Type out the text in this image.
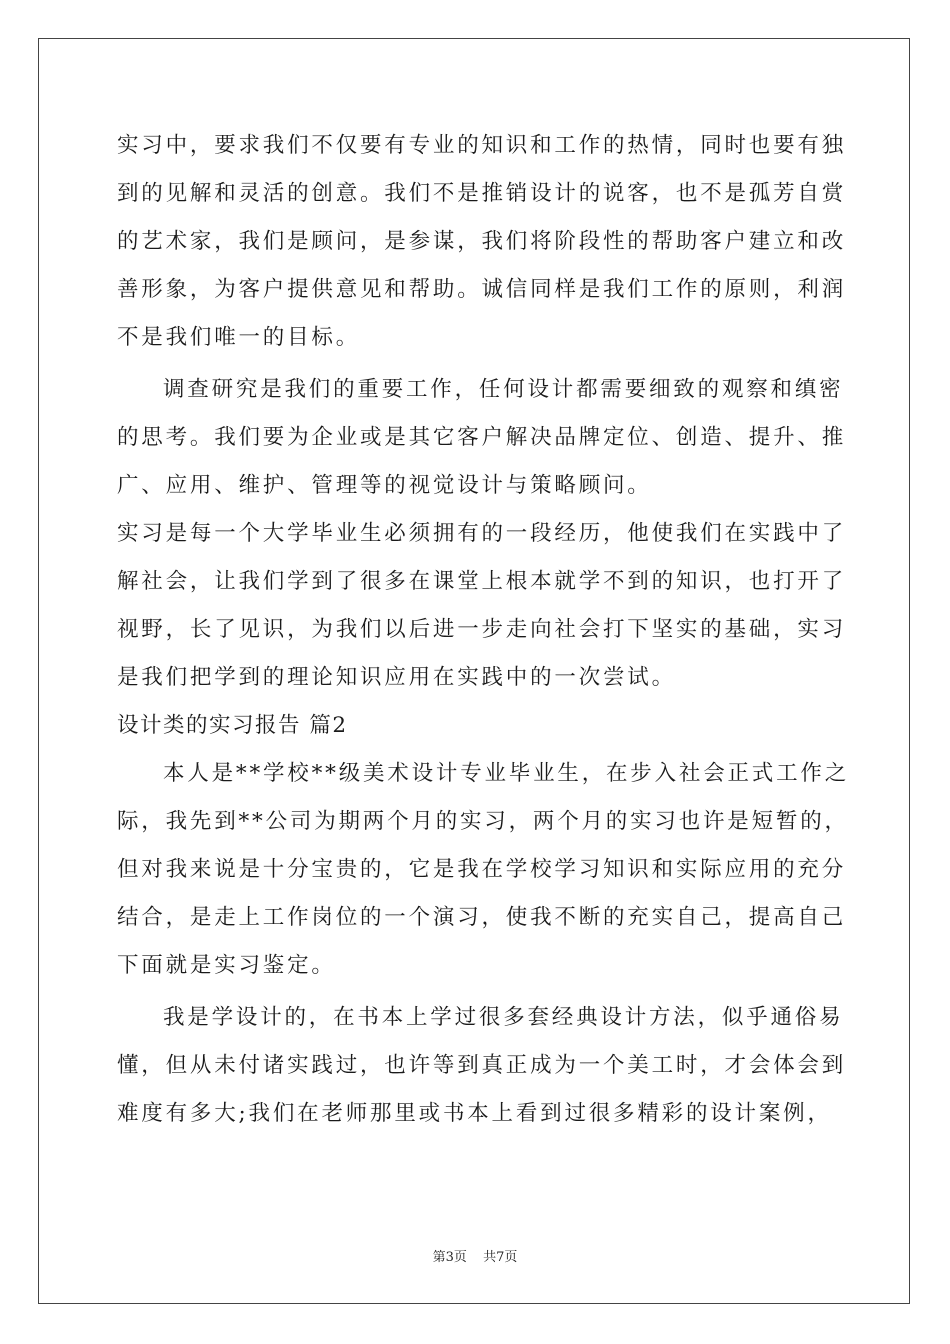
实习中，要求我们不仅要有专业的知识和工作的热情，同时也要有独
到的见解和灵活的创意。我们不是推销设计的说客，也不是孤芳自赏
的艺术家，我们是顾问，是参谋，我们将阶段性的帮助客户建立和改
善形象，为客户提供意见和帮助。诚信同样是我们工作的原则，利润
不是我们唯一的目标。
调查研究是我们的重要工作，任何设计都需要细致的观察和缜密
的思考。我们要为企业或是其它客户解决品牌定位、创造、提升、推
广、应用、维护、管理等的视觉设计与策略顾问。
实习是每一个大学毕业生必须拥有的一段经历，他使我们在实践中了
解社会，让我们学到了很多在课堂上根本就学不到的知识，也打开了
视野，长了见识，为我们以后进一步走向社会打下坚实的基础，实习
是我们把学到的理论知识应用在实践中的一次尝试。
设计类的实习报告 篇2
本人是**学校**级美术设计专业毕业生，在步入社会正式工作之
际，我先到**公司为期两个月的实习，两个月的实习也许是短暂的，
但对我来说是十分宝贵的，它是我在学校学习知识和实际应用的充分
结合，是走上工作岗位的一个演习，使我不断的充实自己，提高自己
下面就是实习鉴定。
我是学设计的，在书本上学过很多套经典设计方法，似乎通俗易
懂，但从未付诸实践过，也许等到真正成为一个美工时，才会体会到
难度有多大;我们在老师那里或书本上看到过很多精彩的设计案例，
第3页 共7页
